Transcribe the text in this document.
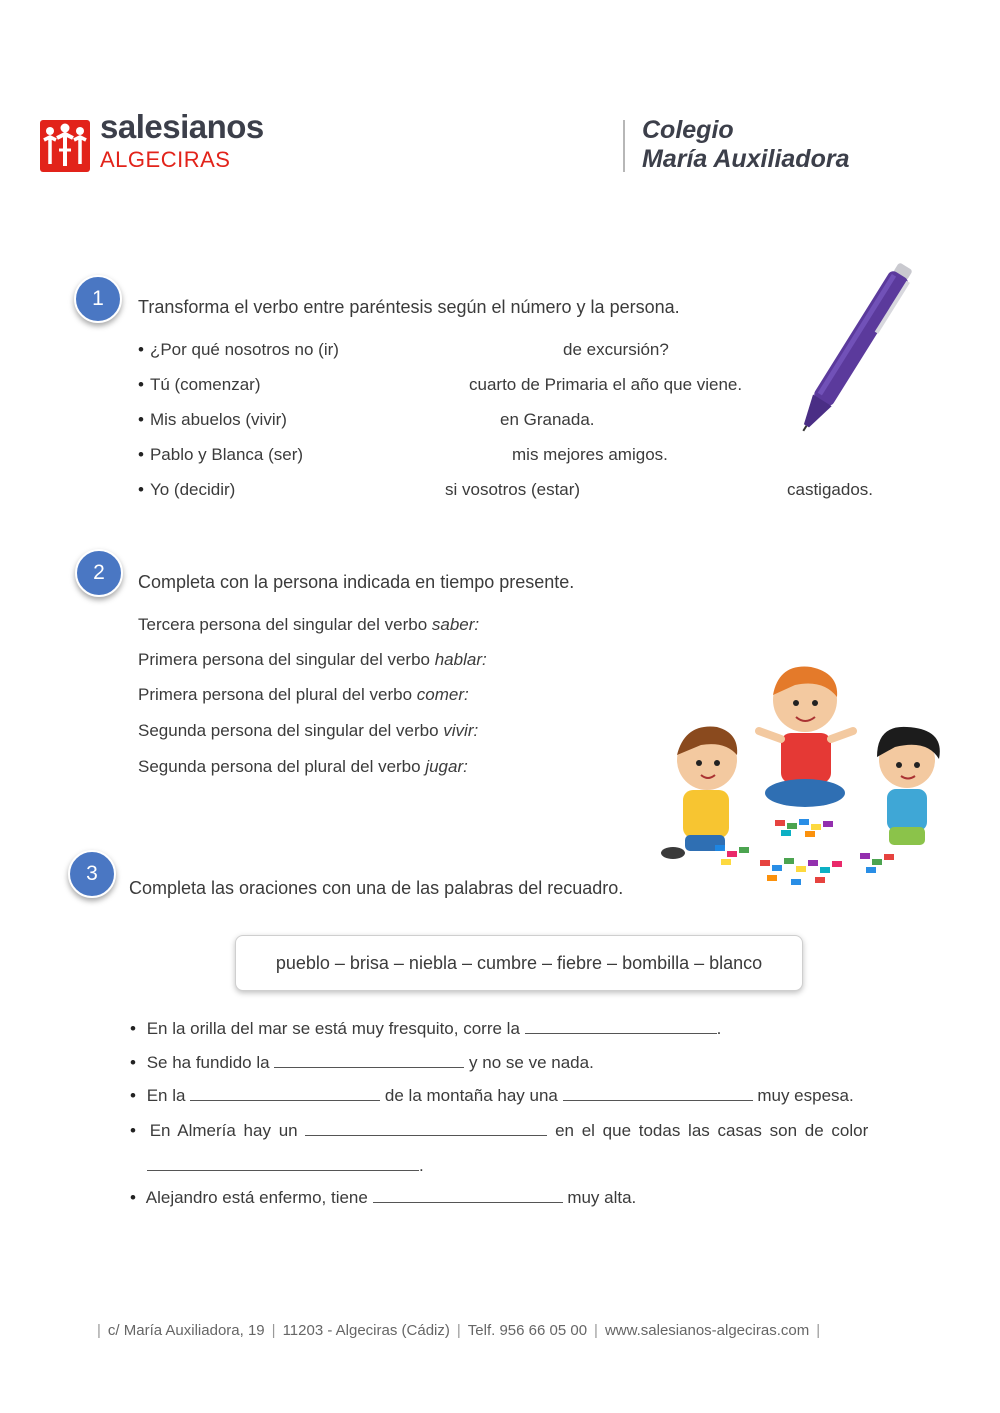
salesianos
ALGECIRAS
Colegio
María Auxiliadora
1	Transforma el verbo entre paréntesis según el número y la persona.
• ¿Por qué nosotros no (ir)	de excursión?
• Tú (comenzar)	cuarto de Primaria el año que viene.
• Mis abuelos (vivir)	en Granada.
• Pablo y Blanca (ser)	mis mejores amigos.
• Yo (decidir)	si vosotros (estar)	castigados.
2	Completa con la persona indicada en tiempo presente.
Tercera persona del singular del verbo saber:
Primera persona del singular del verbo hablar:
Primera persona del plural del verbo comer:
Segunda persona del singular del verbo vivir:
Segunda persona del plural del verbo jugar:
3
Completa las oraciones con una de las palabras del recuadro.
pueblo – brisa – niebla – cumbre – fiebre – bombilla – blanco
• En la orilla del mar se está muy fresquito, corre la	.
• Se ha fundido la	y no se ve nada.
• En la	de la montaña hay una	muy espesa.
• En Almería hay un	en el que todas las casas son de color
.
• Alejandro está enfermo, tiene	muy alta.
| c/ María Auxiliadora, 19 | 11203 - Algeciras (Cádiz) | Telf. 956 66 05 00 | www.salesianos-algeciras.com |
